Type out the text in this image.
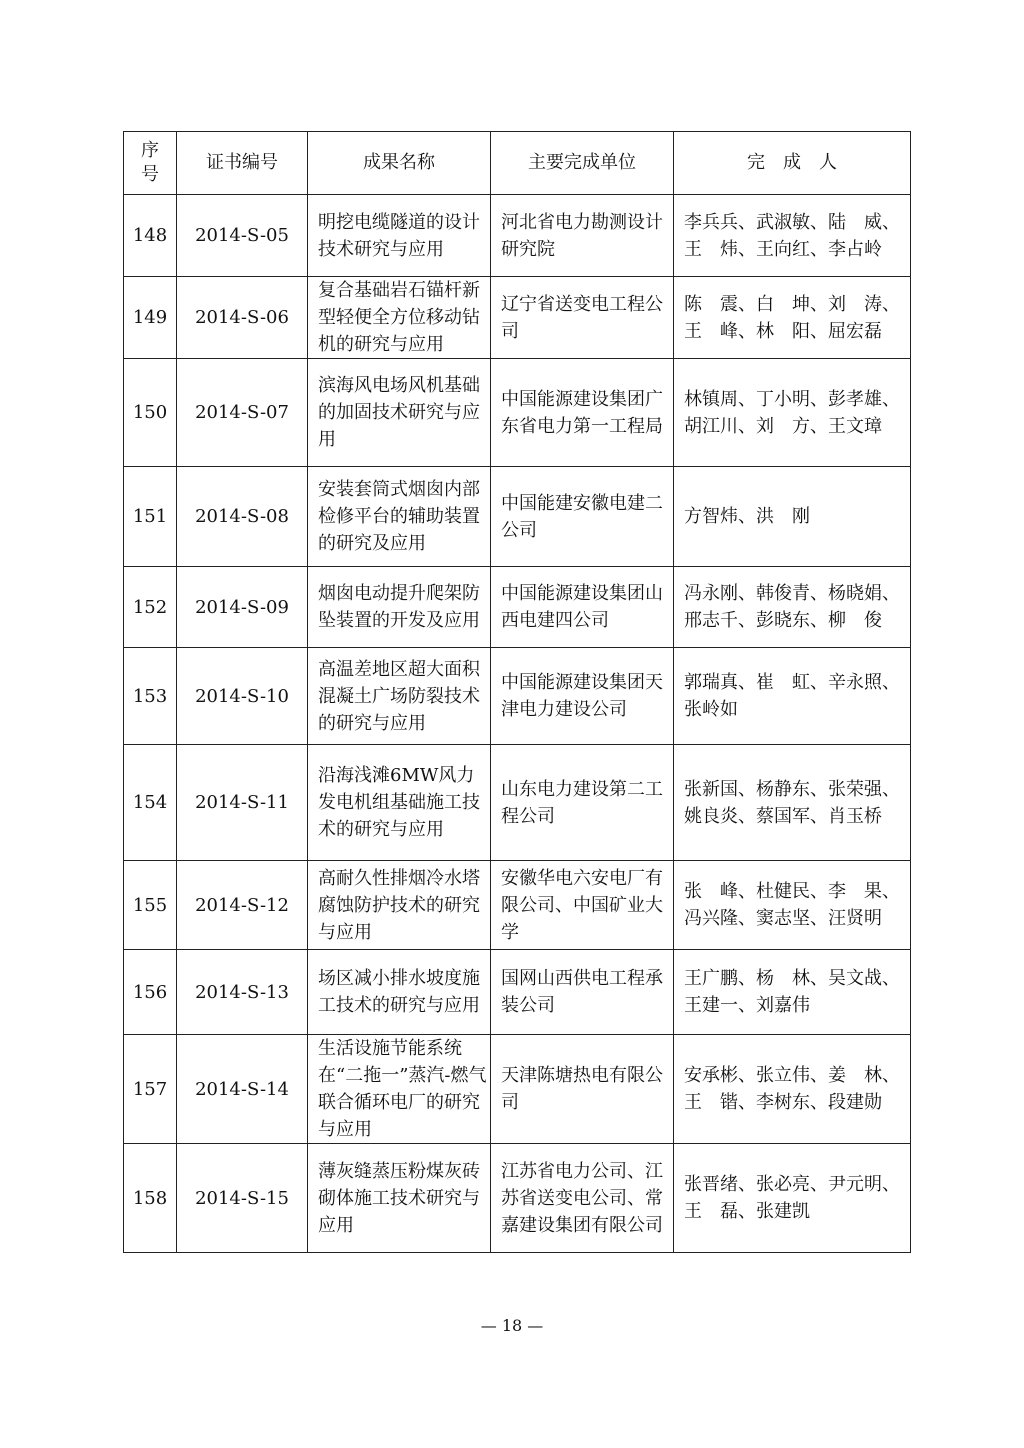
序
号	证书编号	成果名称	主要完成单位	完　成　人
148	2014-S-05	明挖电缆隧道的设计技术研究与应用	河北省电力勘测设计研究院	李兵兵、武淑敏、陆　威、
王　炜、王向红、李占岭

149	2014-S-06	复合基础岩石锚杆新型轻便全方位移动钻机的研究与应用	辽宁省送变电工程公司	陈　震、白　坤、刘　涛、
王　峰、林　阳、屈宏磊

150	2014-S-07	滨海风电场风机基础的加固技术研究与应用	中国能源建设集团广东省电力第一工程局	林镇周、丁小明、彭孝雄、
胡江川、刘　方、王文璋

151	2014-S-08	安装套筒式烟囱内部检修平台的辅助装置的研究及应用	中国能建安徽电建二公司	方智炜、洪　刚

152	2014-S-09	烟囱电动提升爬架防坠装置的开发及应用	中国能源建设集团山西电建四公司	冯永刚、韩俊青、杨晓娟、
邢志千、彭晓东、柳　俊

153	2014-S-10	高温差地区超大面积混凝土广场防裂技术的研究与应用	中国能源建设集团天津电力建设公司	郭瑞真、崔　虹、辛永照、
张岭如

154	2014-S-11	沿海浅滩6MW风力发电机组基础施工技术的研究与应用	山东电力建设第二工程公司	张新国、杨静东、张荣强、
姚良炎、蔡国军、肖玉桥

155	2014-S-12	高耐久性排烟冷水塔腐蚀防护技术的研究与应用	安徽华电六安电厂有限公司、中国矿业大学	张　峰、杜健民、李　果、
冯兴隆、窦志坚、汪贤明

156	2014-S-13	场区减小排水坡度施工技术的研究与应用	国网山西供电工程承装公司	王广鹏、杨　林、吴文战、
王建一、刘嘉伟

157	2014-S-14	生活设施节能系统在“二拖一”蒸汽-燃气联合循环电厂的研究与应用	天津陈塘热电有限公司	安承彬、张立伟、姜　林、
王　锴、李树东、段建勋

158	2014-S-15	薄灰缝蒸压粉煤灰砖砌体施工技术研究与应用	江苏省电力公司、江苏省送变电公司、常嘉建设集团有限公司	张晋绪、张必亮、尹元明、
王　磊、张建凯
— 18 —
